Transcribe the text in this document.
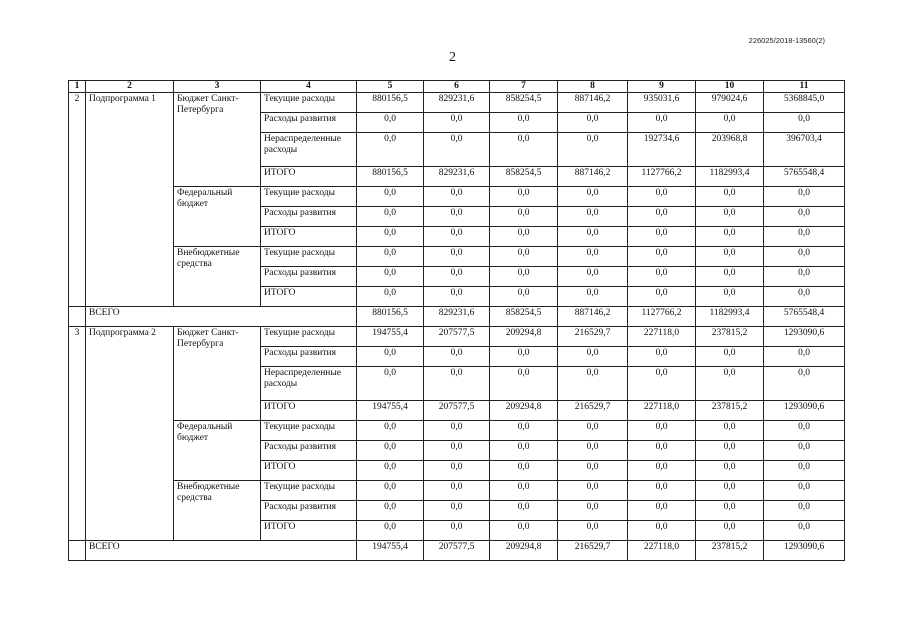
226025/2018-13560(2)
2
1	2	3	4	5	6	7	8	9	10	11
2	Подпрограмма 1	Бюджет Санкт-Петербурга	Текущие расходы	880156,5	829231,6	858254,5	887146,2	935031,6	979024,6	5368845,0
			Расходы развития	0,0	0,0	0,0	0,0	0,0	0,0	0,0
			Нераспределенные расходы	0,0	0,0	0,0	0,0	192734,6	203968,8	396703,4
			ИТОГО	880156,5	829231,6	858254,5	887146,2	1127766,2	1182993,4	5765548,4
		Федеральный бюджет	Текущие расходы	0,0	0,0	0,0	0,0	0,0	0,0	0,0
			Расходы развития	0,0	0,0	0,0	0,0	0,0	0,0	0,0
			ИТОГО	0,0	0,0	0,0	0,0	0,0	0,0	0,0
		Внебюджетные средства	Текущие расходы	0,0	0,0	0,0	0,0	0,0	0,0	0,0
			Расходы развития	0,0	0,0	0,0	0,0	0,0	0,0	0,0
			ИТОГО	0,0	0,0	0,0	0,0	0,0	0,0	0,0
	ВСЕГО			880156,5	829231,6	858254,5	887146,2	1127766,2	1182993,4	5765548,4
3	Подпрограмма 2	Бюджет Санкт-Петербурга	Текущие расходы	194755,4	207577,5	209294,8	216529,7	227118,0	237815,2	1293090,6
			Расходы развития	0,0	0,0	0,0	0,0	0,0	0,0	0,0
			Нераспределенные расходы	0,0	0,0	0,0	0,0	0,0	0,0	0,0
			ИТОГО	194755,4	207577,5	209294,8	216529,7	227118,0	237815,2	1293090,6
		Федеральный бюджет	Текущие расходы	0,0	0,0	0,0	0,0	0,0	0,0	0,0
			Расходы развития	0,0	0,0	0,0	0,0	0,0	0,0	0,0
			ИТОГО	0,0	0,0	0,0	0,0	0,0	0,0	0,0
		Внебюджетные средства	Текущие расходы	0,0	0,0	0,0	0,0	0,0	0,0	0,0
			Расходы развития	0,0	0,0	0,0	0,0	0,0	0,0	0,0
			ИТОГО	0,0	0,0	0,0	0,0	0,0	0,0	0,0
	ВСЕГО			194755,4	207577,5	209294,8	216529,7	227118,0	237815,2	1293090,6
